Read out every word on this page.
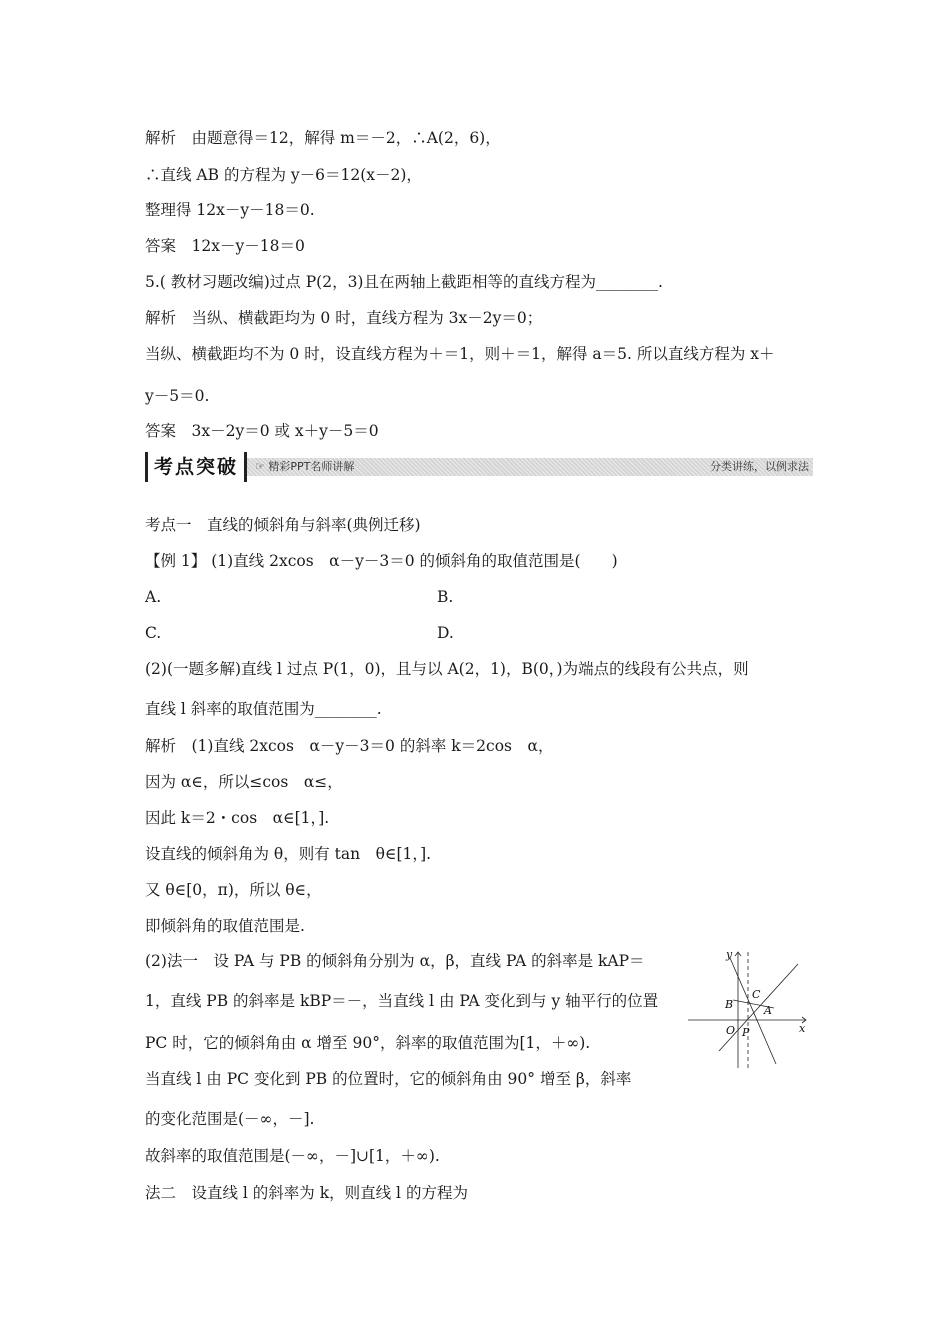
解析　由题意得＝12，解得 m＝－2，∴A(2，6)，
∴直线 AB 的方程为 y－6＝12(x－2)，
整理得 12x－y－18＝0.
答案　12x－y－18＝0
5.( 教材习题改编)过点 P(2，3)且在两轴上截距相等的直线方程为________.
解析　当纵、横截距均为 0 时，直线方程为 3x－2y＝0；
当纵、横截距均不为 0 时，设直线方程为＋＝1，则＋＝1，解得 a＝5. 所以直线方程为 x＋
y－5＝0.
答案　3x－2y＝0 或 x＋y－5＝0
考点突破	☞ 精彩PPT名师讲解	分类讲练，以例求法
考点一　直线的倾斜角与斜率(典例迁移)
【例 1】 (1)直线 2xcos　α－y－3＝0 的倾斜角的取值范围是(　　)
A.	B.
C.	D.
(2)(一题多解)直线 l 过点 P(1，0)，且与以 A(2，1)，B(0，)为端点的线段有公共点，则
直线 l 斜率的取值范围为________.
解析　(1)直线 2xcos　α－y－3＝0 的斜率 k＝2cos　α，
因为 α∈，所以≤cos　α≤，
因此 k＝2・cos　α∈[1，].
设直线的倾斜角为 θ，则有 tan　θ∈[1，].
又 θ∈[0，π)，所以 θ∈，
即倾斜角的取值范围是.
(2)法一　设 PA 与 PB 的倾斜角分别为 α，β，直线 PA 的斜率是 kAP＝
1，直线 PB 的斜率是 kBP＝－，当直线 l 由 PA 变化到与 y 轴平行的位置
PC 时，它的倾斜角由 α 增至 90°，斜率的取值范围为[1，＋∞).
当直线 l 由 PC 变化到 PB 的位置时，它的倾斜角由 90° 增至 β，斜率
的变化范围是(－∞，－].
故斜率的取值范围是(－∞，－]∪[1，＋∞).
法二　设直线 l 的斜率为 k，则直线 l 的方程为
y
x
O P
A
B
C
